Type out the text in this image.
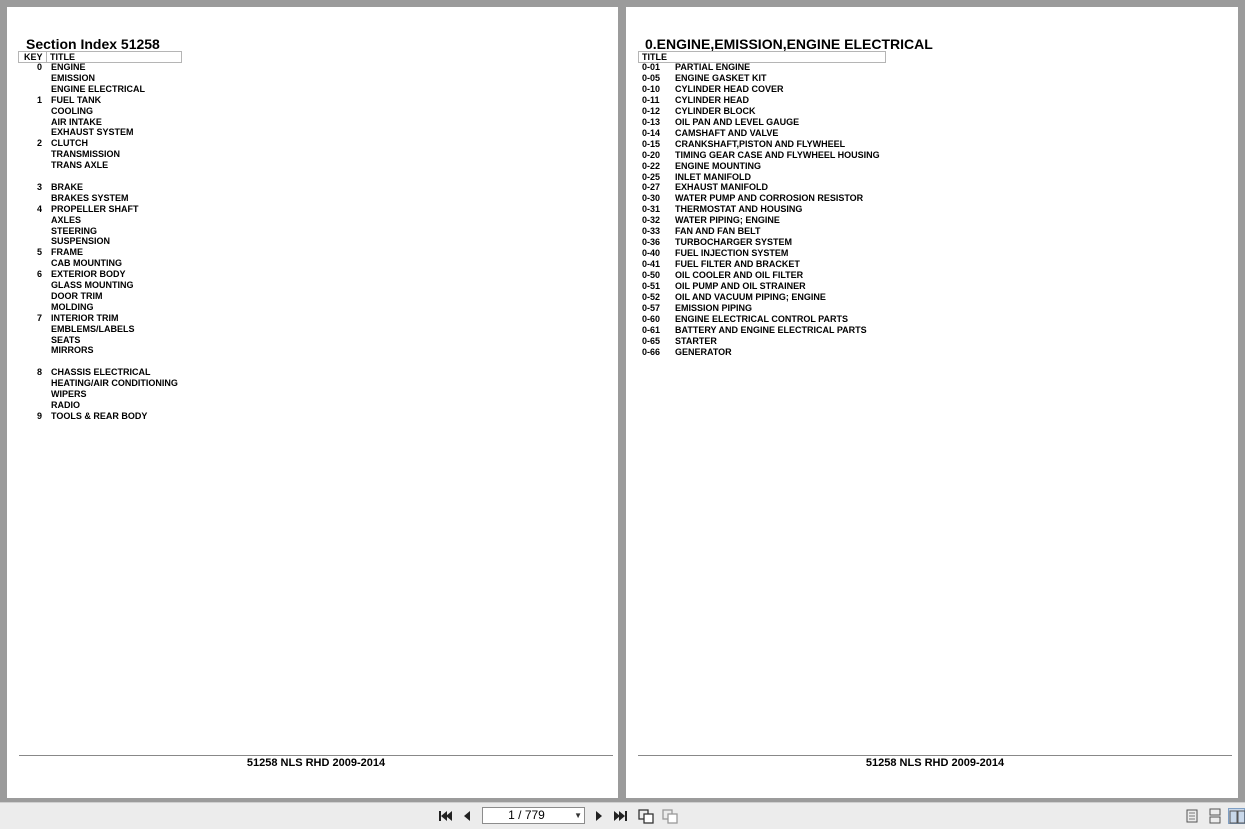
Section Index 51258
KEY TITLE
0 ENGINE
EMISSION
ENGINE ELECTRICAL
1 FUEL TANK
COOLING
AIR INTAKE
EXHAUST SYSTEM
2 CLUTCH
TRANSMISSION
TRANS AXLE
3 BRAKE
BRAKES SYSTEM
4 PROPELLER SHAFT
AXLES
STEERING
SUSPENSION
5 FRAME
CAB MOUNTING
6 EXTERIOR BODY
GLASS MOUNTING
DOOR TRIM
MOLDING
7 INTERIOR TRIM
EMBLEMS/LABELS
SEATS
MIRRORS
8 CHASSIS ELECTRICAL
HEATING/AIR CONDITIONING
WIPERS
RADIO
9 TOOLS & REAR BODY
51258 NLS RHD 2009-2014
0.ENGINE,EMISSION,ENGINE ELECTRICAL
TITLE
0-01 PARTIAL ENGINE
0-05 ENGINE GASKET KIT
0-10 CYLINDER HEAD COVER
0-11 CYLINDER HEAD
0-12 CYLINDER BLOCK
0-13 OIL PAN AND LEVEL GAUGE
0-14 CAMSHAFT AND VALVE
0-15 CRANKSHAFT,PISTON AND FLYWHEEL
0-20 TIMING GEAR CASE AND FLYWHEEL HOUSING
0-22 ENGINE MOUNTING
0-25 INLET MANIFOLD
0-27 EXHAUST MANIFOLD
0-30 WATER PUMP AND CORROSION RESISTOR
0-31 THERMOSTAT AND HOUSING
0-32 WATER PIPING; ENGINE
0-33 FAN AND FAN BELT
0-36 TURBOCHARGER SYSTEM
0-40 FUEL INJECTION SYSTEM
0-41 FUEL FILTER AND BRACKET
0-50 OIL COOLER AND OIL FILTER
0-51 OIL PUMP AND OIL STRAINER
0-52 OIL AND VACUUM PIPING; ENGINE
0-57 EMISSION PIPING
0-60 ENGINE ELECTRICAL CONTROL PARTS
0-61 BATTERY AND ENGINE ELECTRICAL PARTS
0-65 STARTER
0-66 GENERATOR
51258 NLS RHD 2009-2014
1 / 779	▼
